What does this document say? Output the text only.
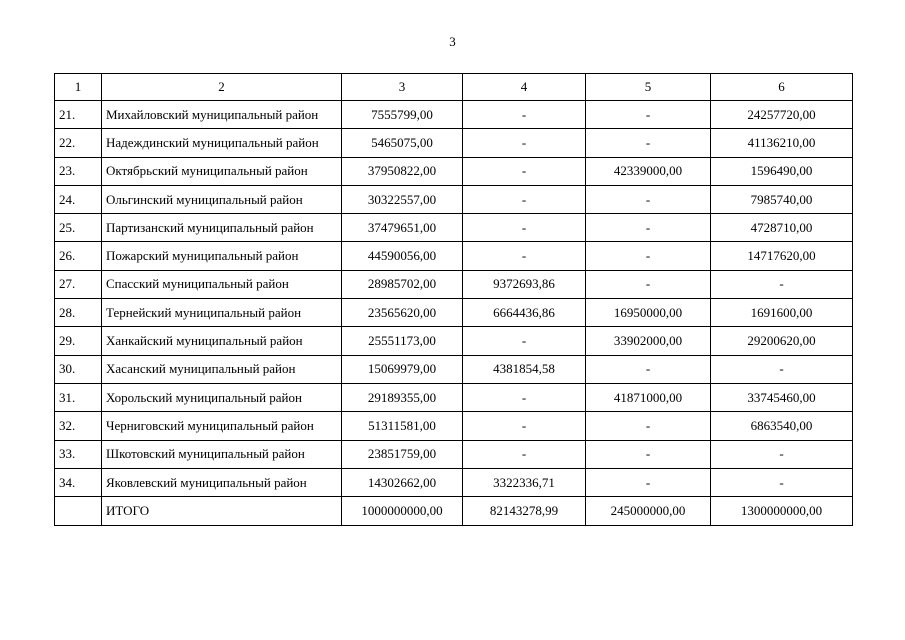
3
1	2	3	4	5	6
21.	Михайловский муниципальный район	7555799,00	-	-	24257720,00
22.	Надеждинский муниципальный район	5465075,00	-	-	41136210,00
23.	Октябрьский муниципальный район	37950822,00	-	42339000,00	1596490,00
24.	Ольгинский муниципальный район	30322557,00	-	-	7985740,00
25.	Партизанский муниципальный район	37479651,00	-	-	4728710,00
26.	Пожарский муниципальный район	44590056,00	-	-	14717620,00
27.	Спасский муниципальный район	28985702,00	9372693,86	-	-
28.	Тернейский муниципальный район	23565620,00	6664436,86	16950000,00	1691600,00
29.	Ханкайский муниципальный район	25551173,00	-	33902000,00	29200620,00
30.	Хасанский муниципальный район	15069979,00	4381854,58	-	-
31.	Хорольский муниципальный район	29189355,00	-	41871000,00	33745460,00
32.	Черниговский муниципальный район	51311581,00	-	-	6863540,00
33.	Шкотовский муниципальный район	23851759,00	-	-	-
34.	Яковлевский муниципальный район	14302662,00	3322336,71	-	-
	ИТОГО	1000000000,00	82143278,99	245000000,00	1300000000,00
